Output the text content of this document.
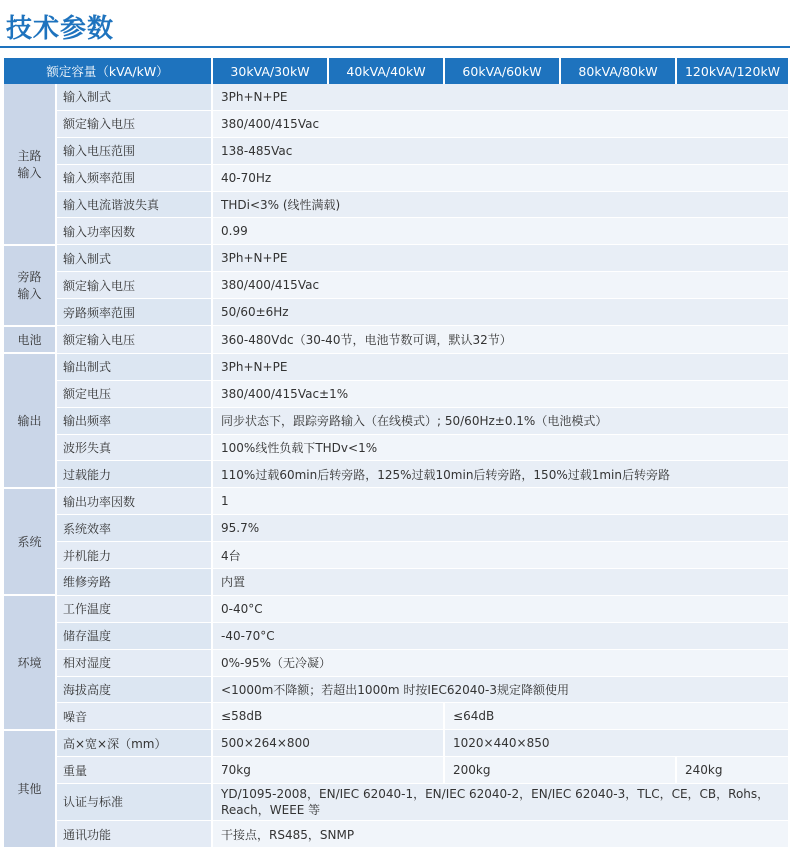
技术参数
额定容量（kVA/kW）		30kVA/30kW	40kVA/40kW	60kVA/60kW	80kVA/80kW	120kVA/120kW
主路
输入	输入制式	3Ph+N+PE				
	额定输入电压	380/400/415Vac				
	输入电压范围	138-485Vac				
	输入频率范围	40-70Hz				
	输入电流谐波失真	THDi<3% (线性满载)				
	输入功率因数	0.99				
旁路
输入	输入制式	3Ph+N+PE				
	额定输入电压	380/400/415Vac				
	旁路频率范围	50/60±6Hz				
电池	额定输入电压	360-480Vdc（30-40节，电池节数可调，默认32节）				
输出	输出制式	3Ph+N+PE				
	额定电压	380/400/415Vac±1%				
	输出频率	同步状态下，跟踪旁路输入（在线模式）; 50/60Hz±0.1%（电池模式）				
	波形失真	100%线性负载下THDv<1%				
	过载能力	110%过载60min后转旁路，125%过载10min后转旁路，150%过载1min后转旁路				
系统	输出功率因数	1				
	系统效率	95.7%				
	并机能力	4台				
	维修旁路	内置				
环境	工作温度	0-40°C				
	储存温度	-40-70°C				
	相对湿度	0%-95%（无冷凝）				
	海拔高度	<1000m不降额；若超出1000m 时按IEC62040-3规定降额使用				
	噪音	≤58dB		≤64dB		
其他	高×宽×深（mm）	500×264×800		1020×440×850		
	重量	70kg		200kg		240kg
	认证与标准	YD/1095-2008，EN/IEC 62040-1，EN/IEC 62040-2，EN/IEC 62040-3，TLC，CE，CB，Rohs，Reach，WEEE 等				
	通讯功能	干接点，RS485，SNMP				
